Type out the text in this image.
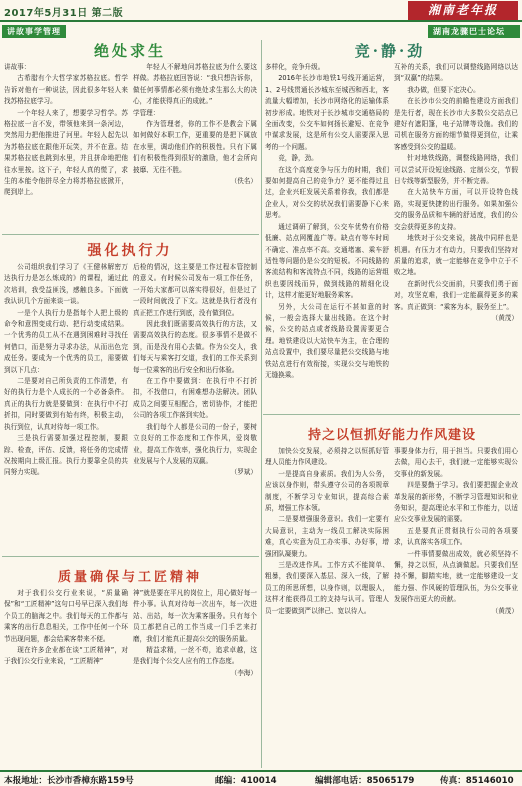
2017年5月31日 第二版	湘南老年报
讲故事学管理	湖南龙骤巴士论坛
绝处求生

讲故事：

古希腊有个大哲学家苏格拉底。哲学告诉对他有一种说法，因此很多年轻人来找苏格拉底学习。

一个年轻人来了，想要学习哲学。苏格拉底一言不发，带领他来到一条河边，突然用力把他推进了河里。年轻人起先以为苏格拉底在跟他开玩笑，并不在意。结果苏格拉底也跳到水里，并且拼命地把他往水里按。这下子，年轻人真的慌了，求生的本能令他拼尽全力将苏格拉底掀开，爬到岸上。

年轻人不解地问苏格拉底为什么要这样做。苏格拉底回答说：“我只想告诉你，做任何事情都必须有绝处求生那么大的决心，才能获得真正的成就。”

学管理：

作为管理者，你的工作不是教会下属如何做好本职工作，更重要的是把下属放在水里，调动他们作的积极性。只有下属们有积极性得到很好的激励，他才会所向披靡、无往不胜。

（佚名）

强化执行力

公司组织我们学习了《王健林解密万达执行力是怎么炼成的》的课程，通过此次培训，我受益匪浅，感触良多。下面就我认识几个方面来谈一谈。

一是个人执行力是指每个人把上级的命令和意图变成行动、把行动变成结果。一个优秀的员工从不在遇到困难时寻找任何借口，而是努力寻求办法，从而出色完成任务。要成为一个优秀的员工，需要做到以下几点：

二是要对自己所负责的工作清楚，有好的执行力是个人成长的一个必备条件。真正的执行力就是要做到：在执行中不打折扣，同时要做到有始有终，积极主动，执行到位，认真对待每一项工作。

三是执行需要加强过程控制，要跟踪、检查，评估、反馈，将任务的完成情况按期向上级汇报。执行力要靠全员的共同努力实现。

后检的情况，这主要是工作过程本管控制的意义。有时候公司发布一项工作任务，一开始大家都可以落实得很好，但是过了一段时间就没了下文。这就是执行者没有真正把工作进行到底，没有做到位。

因此我们既需要高效执行的方法，又需要高效执行的态度。很多事情不是做不到，而是没有用心去做。作为公交人，我们每天与乘客打交道，我们的工作关系到每一位乘客的出行安全和出行体验。

在工作中要做到：在执行中不打折扣，不找借口，有困难想办法解决。团队成员之间要互相配合，密切协作，才能把公司的各项工作落到实处。

我们每个人都是公司的一份子，要树立良好的工作态度和工作作风，爱岗敬业，提高工作效率，强化执行力，实现企业发展与个人发展的双赢。

（罗斌）

质量确保与工匠精神

对于我们公交行业来说，“质量确保”和“工匠精神”这句口号早已深入我们每个员工的脑海之中。我们每天的工作都与乘客的出行息息相关，工作中任何一个环节出现问题，都会给乘客带来不便。

现在许多企业都在谈“工匠精神”，对于我们公交行业来说，“工匠精神”

神”就是要在平凡的岗位上，用心做好每一件小事。认真对待每一次出车，每一次进站、出站，每一次为乘客服务。只有每个员工都把自己的工作当成一门手艺来打磨，我们才能真正提高公交的服务质量。

精益求精，一丝不苟，追求卓越，这是我们每个公交人应有的工作态度。

（李海）

竞·静·劲

多样化，竞争升级。

2016年长沙市地铁1号线开通运营，1、2号线贯通长沙城东至城西和西北，客流量大幅增加，长沙市网络化的运输体系初步形成。地铁对于长沙城市交通格局的全面改变，公交车如何扬长避短、在竞争中谋求发展，这是所有公交人需要深入思考的一个问题。

竞，静，劲。

在这个高度竞争与压力的时期，我们要如何提高自己的竞争力？更不能得过且过，企业兴旺发展关系着你我，我们都是企业人，对公交的状况我们需要静下心来思考。

通过调研了解到，公交车优势有价格低廉、站点网覆盖广等。缺点有等车时间不确定、准点率不高。交通堵塞、乘车舒适性等问题仍是公交的短板。不同线路的客流结构和客流特点不同，线路的运营组织也要因线而异，做到线路的精细化设计，这样才能更好地服务乘客。

另外，大公司在运行不甚如意的时候，一般会选择大量出线路。在这个时候，公交的站点或者线路设置需要更合理。地铁建设以大站快车为主，在合理的站点设置中，我们要尽量把公交线路与地铁站点进行有效衔接，实现公交与地铁的无缝换乘。

互补的关系，我们可以调整线路网络以达到“双赢”的结果。

我办做，但要下定决心。

在长沙市公交的前瞻性建设方面我们是先行者，现在长沙市大多数公交站点已建好有遮阳篷，电子站牌等设施。我们的司机在服务方面的细节做得更到位，让乘客感受到公交的温暖。

针对地铁线路，调整线路网络，我们可以尝试开设短途线路、定制公交，节假日专线等新型服务，并不断完善。

在大站快车方面，可以开设特色线路，实现更快捷的出行服务。如果加强公交的服务品质和车辆的舒适度，我们的公交会获得更多的支持。

地铁对于公交来说，挑战中同样也是机遇。有压力才有动力，只要我们坚持对质量的追求，就一定能够在竞争中立于不败之地。

在新时代公交面前，只要我们勇于面对，攻坚克难，我们一定能赢得更多的乘客。真正做到：“乘客为本，服务至上”。

（黄茂）

持之以恒抓好能力作风建设

加快公交发展，必须持之以恒抓好管理人员能力作风建设。

一是提高自身素质。我们为人公务，应该以身作则，带头遵守公司的各项规章制度，不断学习专业知识，提高综合素质，增强工作本领。

二是要增强服务意识。我们一定要有大局意识，主动为一线员工解决实际困难，真心实意为员工办实事、办好事，增强团队凝聚力。

三是改进作风。工作方式不能简单、粗暴，我们要深入基层、深入一线，了解员工的所思所想，以身作则，以理服人，这样才能获得员工的支持与认可。管理人员一定要做到严以律己、宽以待人。

事要身体力行，用于担当。只要我们用心去做，用心去干，我们就一定能够实现公交事业的新发展。

四是要勤于学习。我们要把握企业改革发展的新形势，不断学习管理知识和业务知识，提高理论水平和工作能力，以适应公交事业发展的需要。

五是要真正贯彻执行公司的各项要求，认真落实各项工作。

一件事情要做出成效，就必须坚持不懈，持之以恒，从点滴做起。只要我们坚持不懈，脚踏实地，就一定能够建设一支能力强、作风硬的管理队伍，为公交事业发展作出更大的贡献。

（黄茂）

本报地址：长沙市香樟东路159号	邮编：410014	编辑部电话：85065179	传真：85146010
